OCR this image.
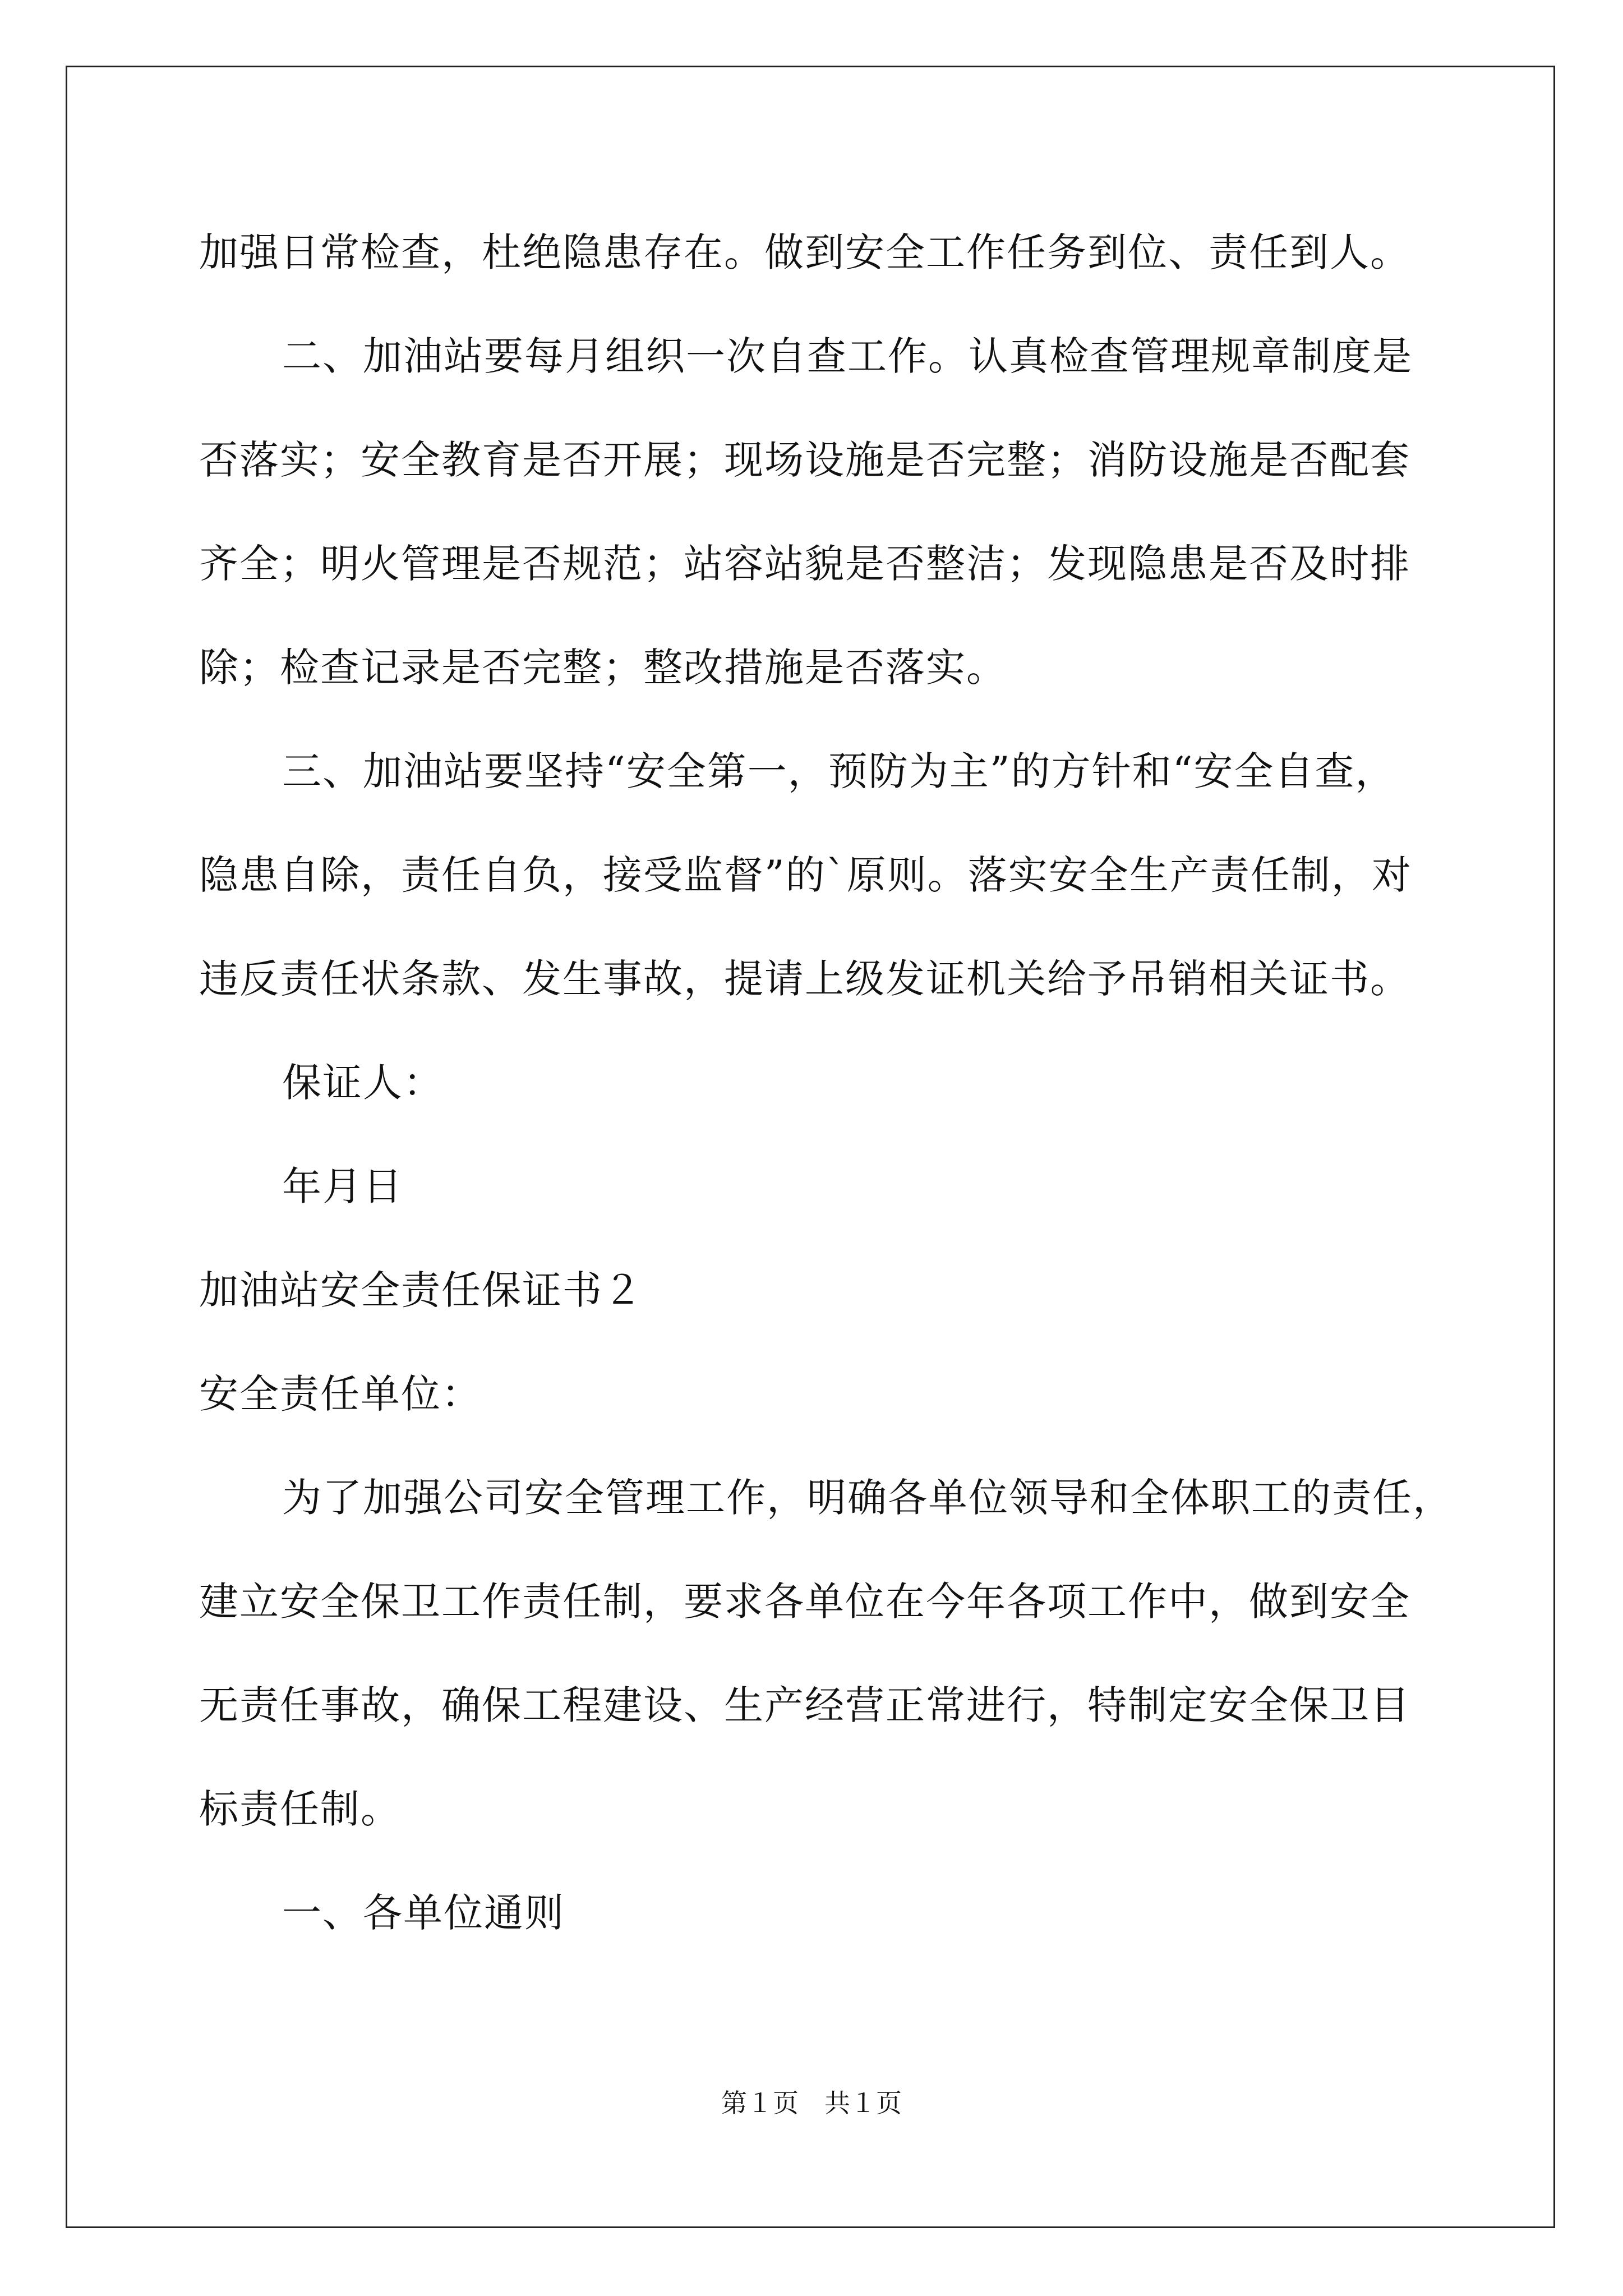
加强日常检查，杜绝隐患存在。做到安全工作任务到位、责任到人。
二、加油站要每月组织一次自查工作。认真检查管理规章制度是
否落实；安全教育是否开展；现场设施是否完整；消防设施是否配套
齐全；明火管理是否规范；站容站貌是否整洁；发现隐患是否及时排
除；检查记录是否完整；整改措施是否落实。
三、加油站要坚持“安全第一，预防为主”的方针和“安全自查，
隐患自除，责任自负，接受监督”的`原则。落实安全生产责任制，对
违反责任状条款、发生事故，提请上级发证机关给予吊销相关证书。
保证人：
年月日
加油站安全责任保证书２
安全责任单位：
为了加强公司安全管理工作，明确各单位领导和全体职工的责任，
建立安全保卫工作责任制，要求各单位在今年各项工作中，做到安全
无责任事故，确保工程建设、生产经营正常进行，特制定安全保卫目
标责任制。
一、各单位通则
第１页　共１页
